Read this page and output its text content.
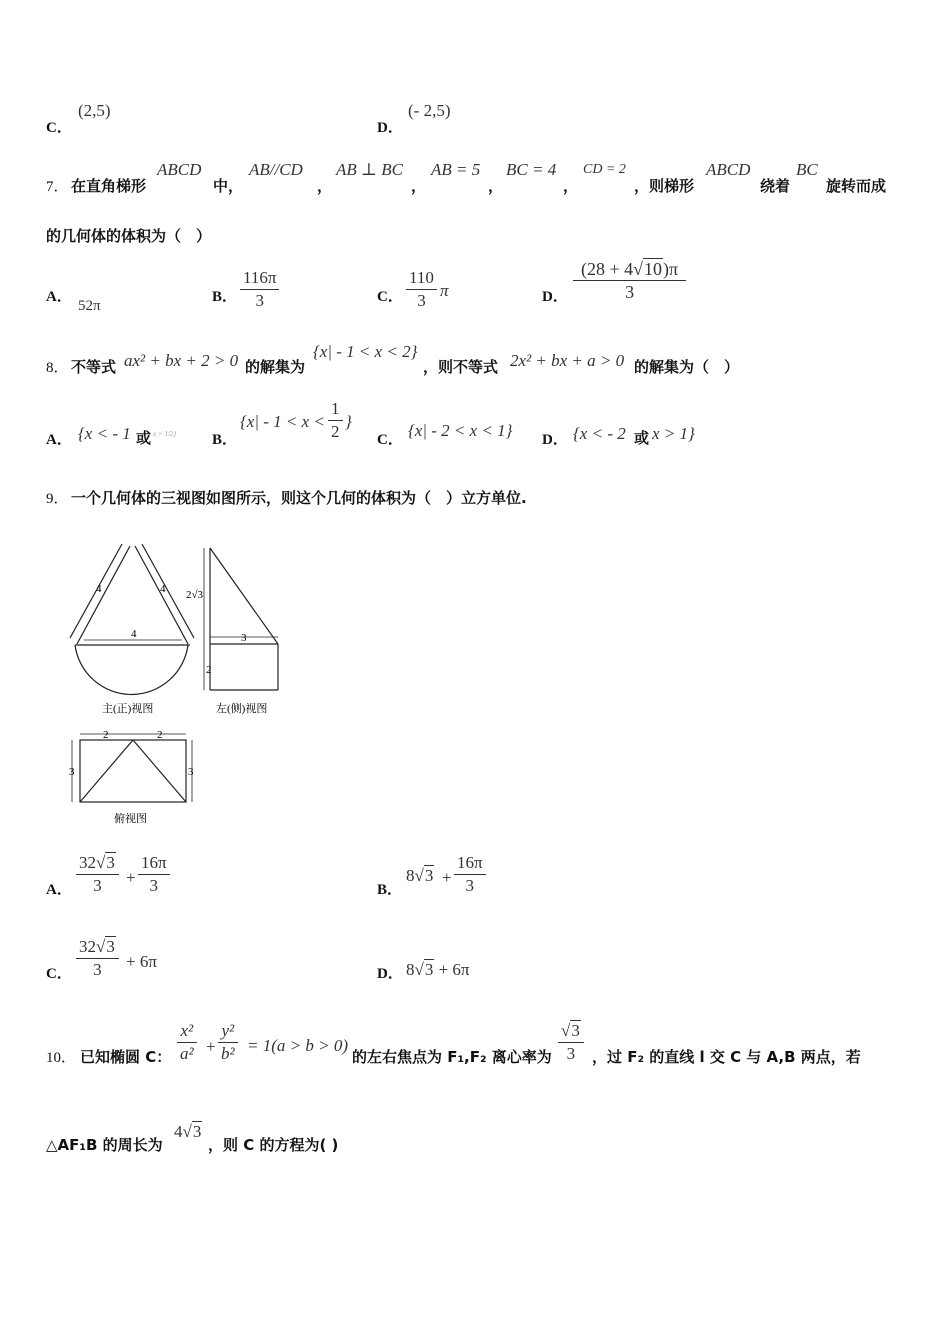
C．
(2,5)
D．
(- 2,5)
7． 在直角梯形
ABCD
中，
AB//CD
，
AB ⊥ BC
，
AB = 5
，
BC = 4
，
CD = 2
，则梯形
ABCD
绕着
BC
旋转而成
的几何体的体积为（　）
A．
52π
B． $\frac{116\pi}{3}$	C． $\frac{110}{3}$ π	D． $\frac{(28 + 4√10)\pi}{3}$
8． 不等式 ax² + bx + 2 > 0 的解集为
{x| - 1 < x < 2}
，则不等式 2x² + bx + a > 0 的解集为（　）
A． {x < - 1 或 x > 1/2} B．
{$x| - 1 < x < \frac{1}{2}$ }
C． {x| - 2 < x < 1} D． {x < - 2 或 x > 1}
9． 一个几何体的三视图如图所示，则这个几何的体积为（　）立方单位.
4	4
4
主(正)视图
2√3
3
2
左(侧)视图
2	2
3	3
俯视图
A． $\frac{32√3}{3} + \frac{16\pi}{3}$	B．
$8√3 + \frac{16\pi}{3}$
C． $\frac{32√3}{3} + 6\pi$
D． 8√3 + 6π
10． 已知椭圆 C： $\frac{\text{x²}}{\text{a²}} + \frac{\text{y²}}{\text{b²}} = 1(a > b > 0)$
的左右焦点为 F₁,F₂ 离心率为 $\frac{√3}{3}$ ，过 F₂ 的直线 l 交 C 与 A,B 两点，若
△AF₁B 的周长为
4√3
，则 C 的方程为( )
